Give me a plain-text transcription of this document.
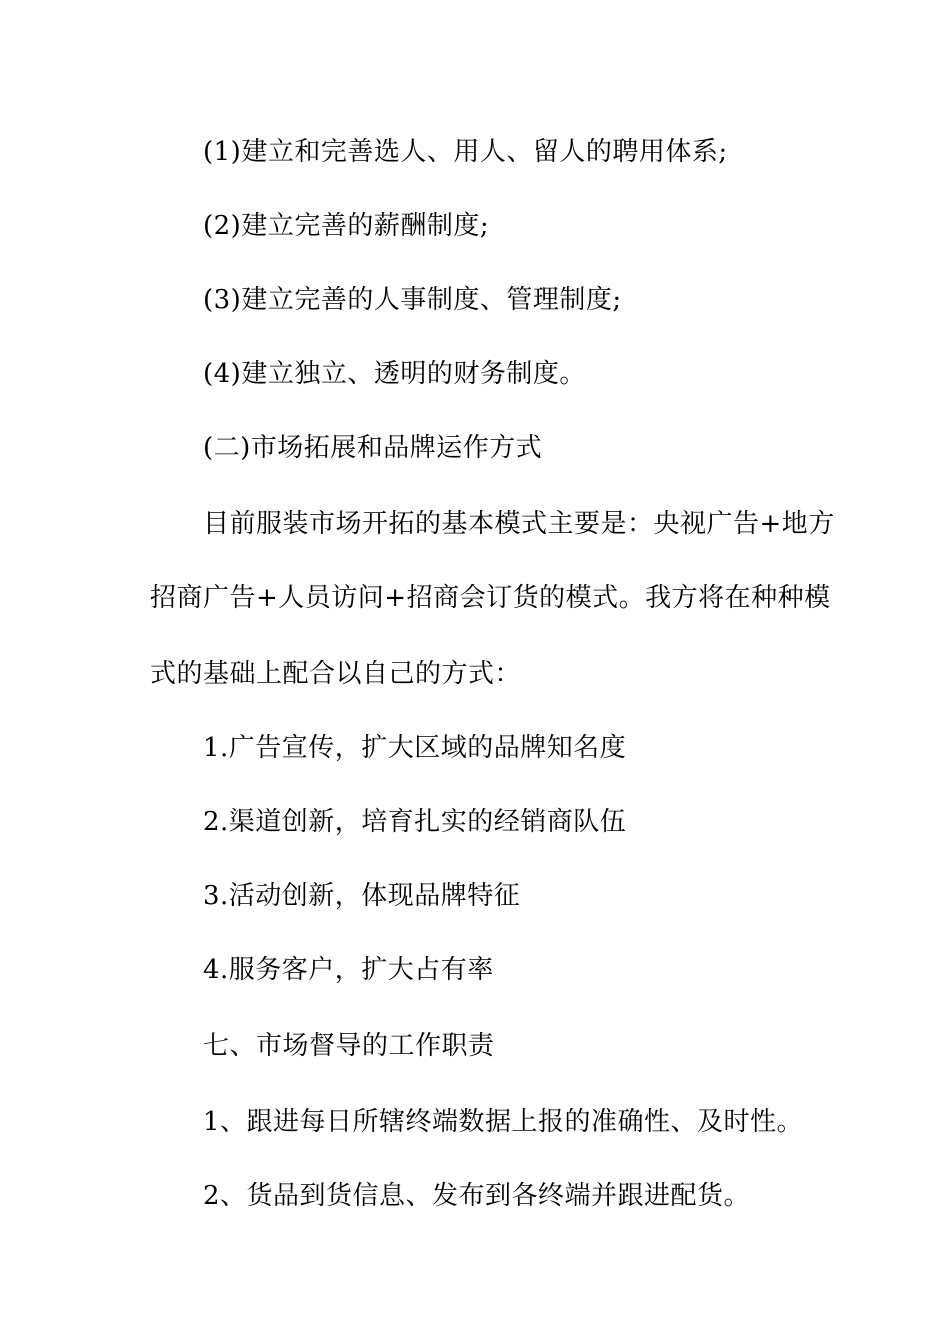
(1)建立和完善选人、用人、留人的聘用体系;
(2)建立完善的薪酬制度;
(3)建立完善的人事制度、管理制度;
(4)建立独立、透明的财务制度。
(二)市场拓展和品牌运作方式
目前服装市场开拓的基本模式主要是：央视广告+地方
招商广告+人员访问+招商会订货的模式。我方将在种种模
式的基础上配合以自己的方式：
1.广告宣传，扩大区域的品牌知名度
2.渠道创新，培育扎实的经销商队伍
3.活动创新，体现品牌特征
4.服务客户，扩大占有率
七、市场督导的工作职责
1、跟进每日所辖终端数据上报的准确性、及时性。
2、货品到货信息、发布到各终端并跟进配货。
